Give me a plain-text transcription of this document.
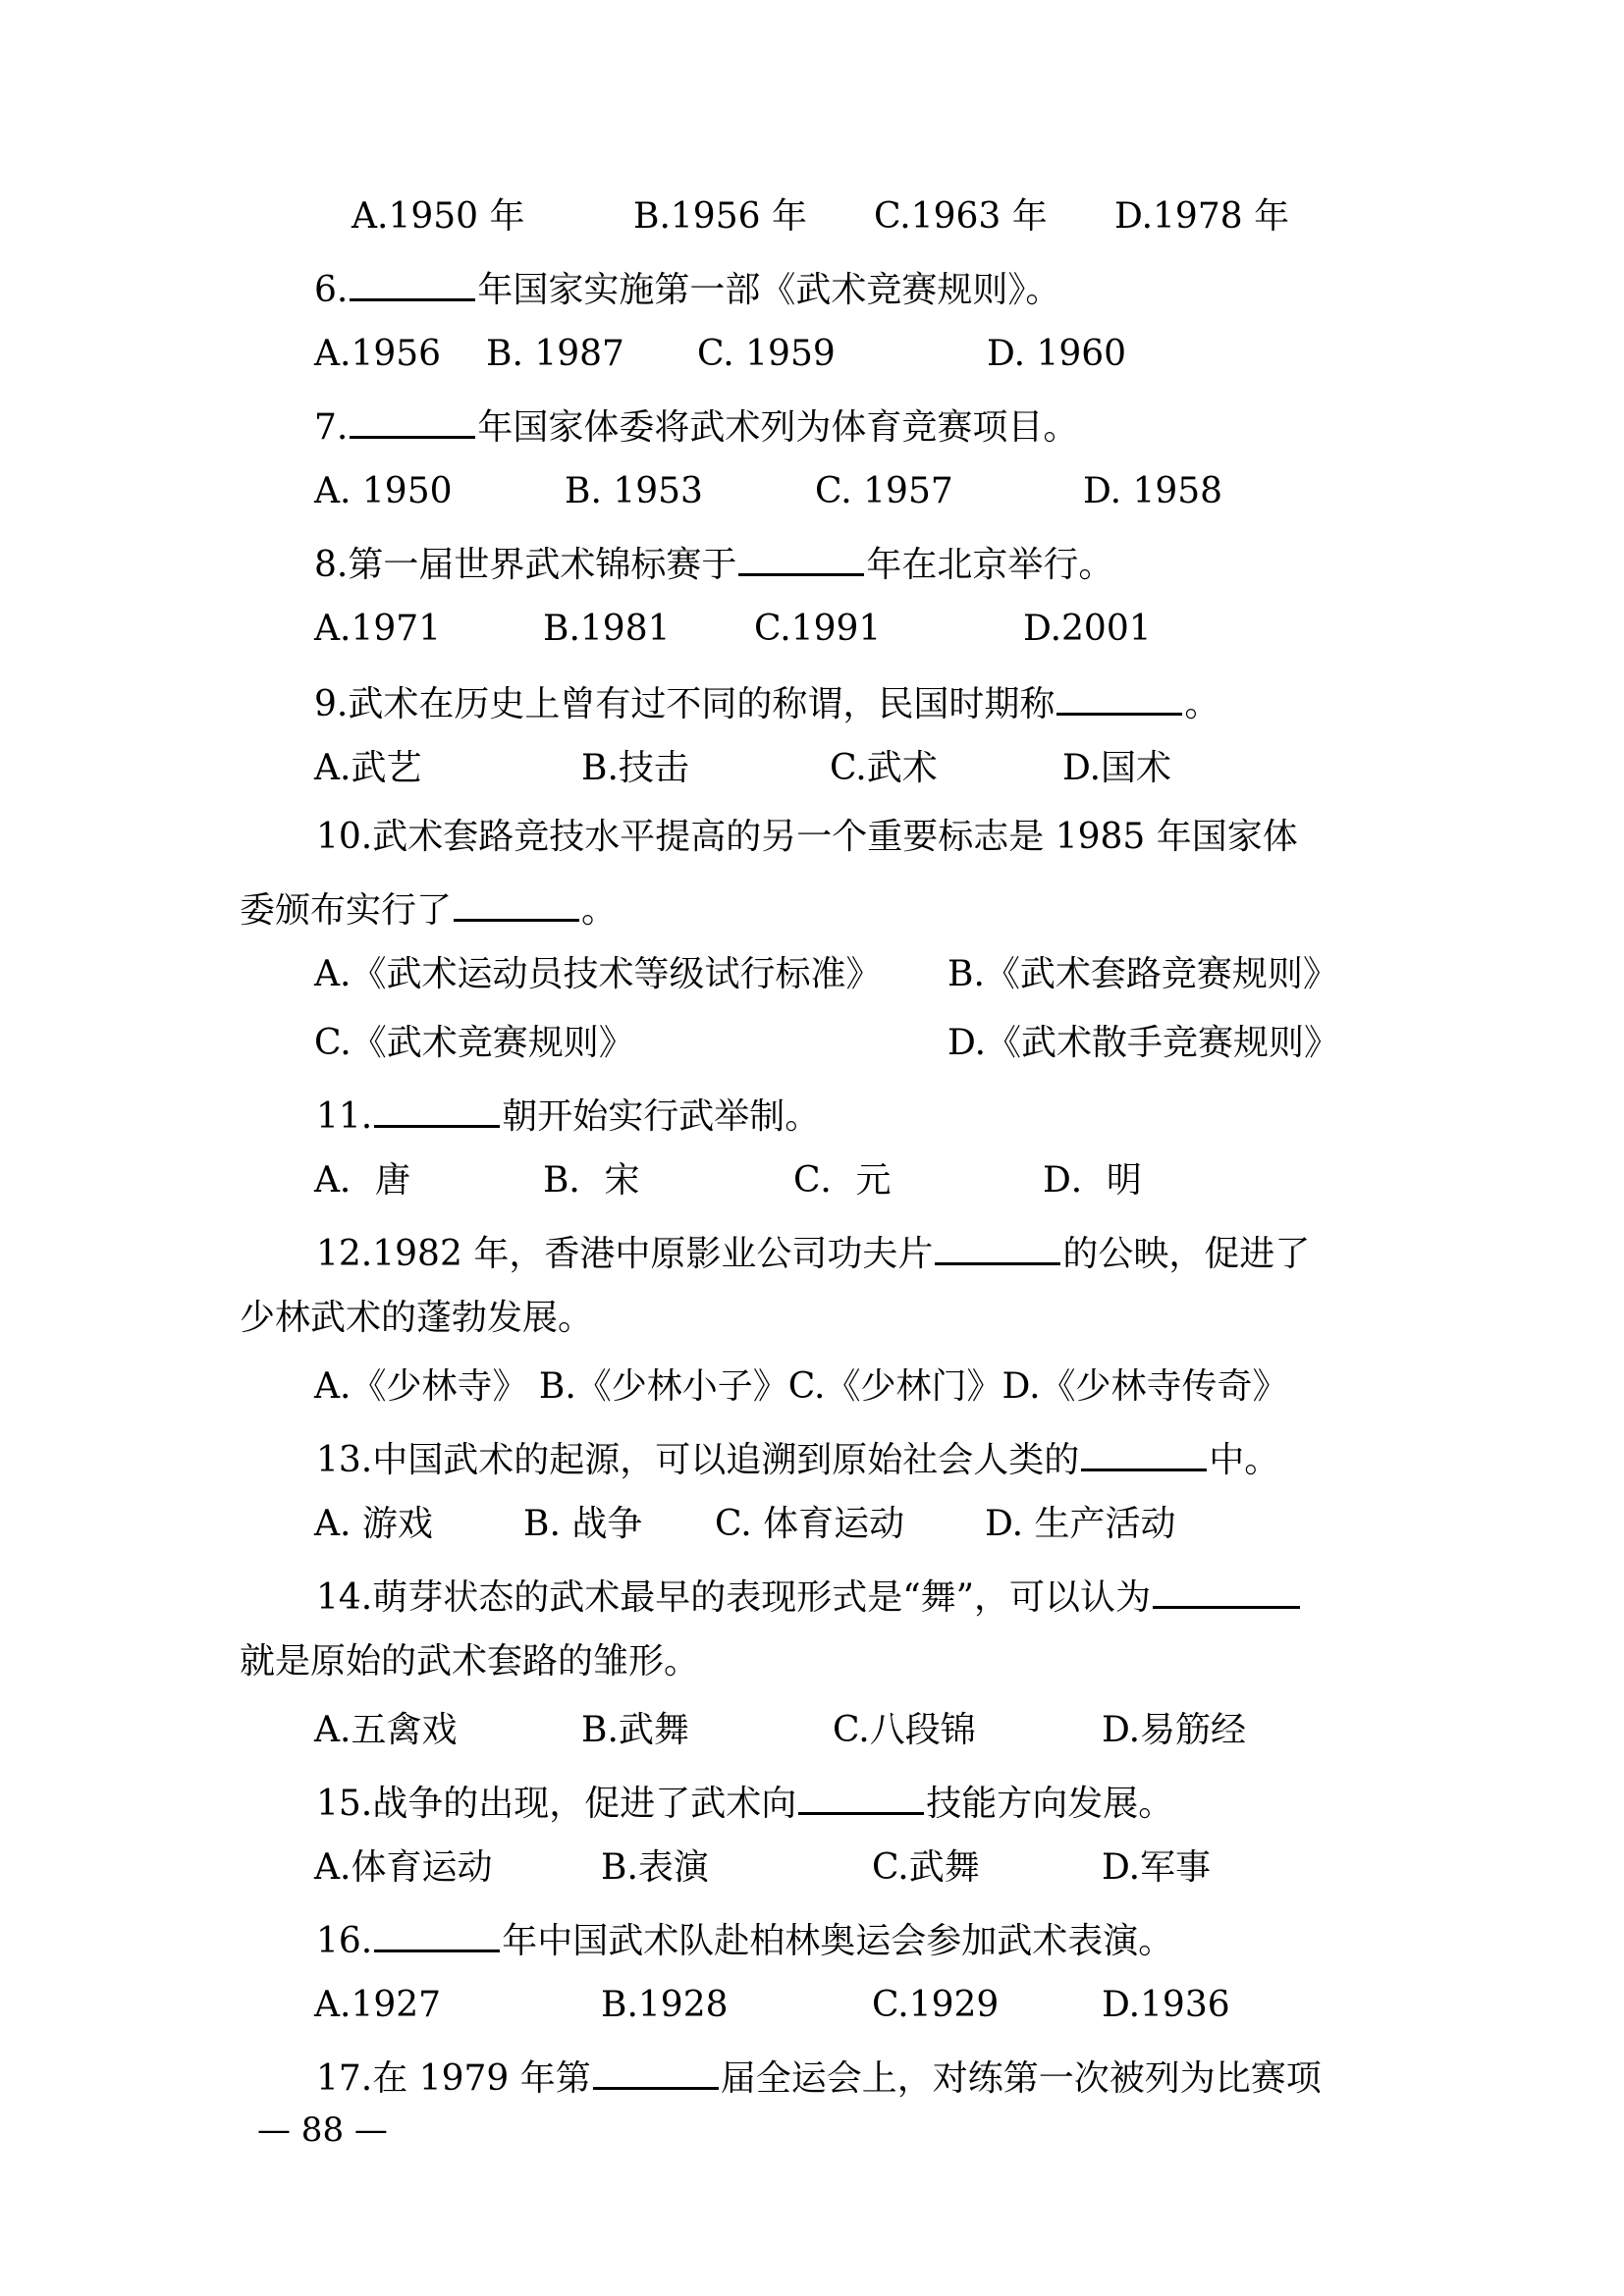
A.1950 年	B.1956 年 C.1963 年 D.1978 年
6.	年国家实施第一部《武术竞赛规则》。
A.1956 B. 1987 C. 1959	D. 1960
7.	年国家体委将武术列为体育竞赛项目。
A. 1950	B. 1953	C. 1957	D. 1958
8.第一届世界武术锦标赛于	年在北京举行。
A.1971	B.1981 C.1991	D.2001
9.武术在历史上曾有过不同的称谓，民国时期称	。
A.武艺	B.技击	C.武术	D.国术
10.武术套路竞技水平提高的另一个重要标志是 1985 年国家体
委颁布实行了	。
A.《武术运动员技术等级试行标准》 B.《武术套路竞赛规则》
C.《武术竞赛规则》	D.《武术散手竞赛规则》
11.	朝开始实行武举制。
A．唐	B．宋	C．元	D．明
12.1982 年，香港中原影业公司功夫片	的公映，促进了
少林武术的蓬勃发展。
A.《少林寺》 B.《少林小子》C.《少林门》D.《少林寺传奇》
13.中国武术的起源，可以追溯到原始社会人类的	中。
A. 游戏	B. 战争 C. 体育运动 D. 生产活动
14.萌芽状态的武术最早的表现形式是“舞”，可以认为
就是原始的武术套路的雏形。
A.五禽戏	B.武舞	C.八段锦	D.易筋经
15.战争的出现，促进了武术向	技能方向发展。
A.体育运动	B.表演	C.武舞	D.军事
16.	年中国武术队赴柏林奥运会参加武术表演。
A.1927	B.1928	C.1929	D.1936
17.在 1979 年第	届全运会上，对练第一次被列为比赛项
— 88 —
